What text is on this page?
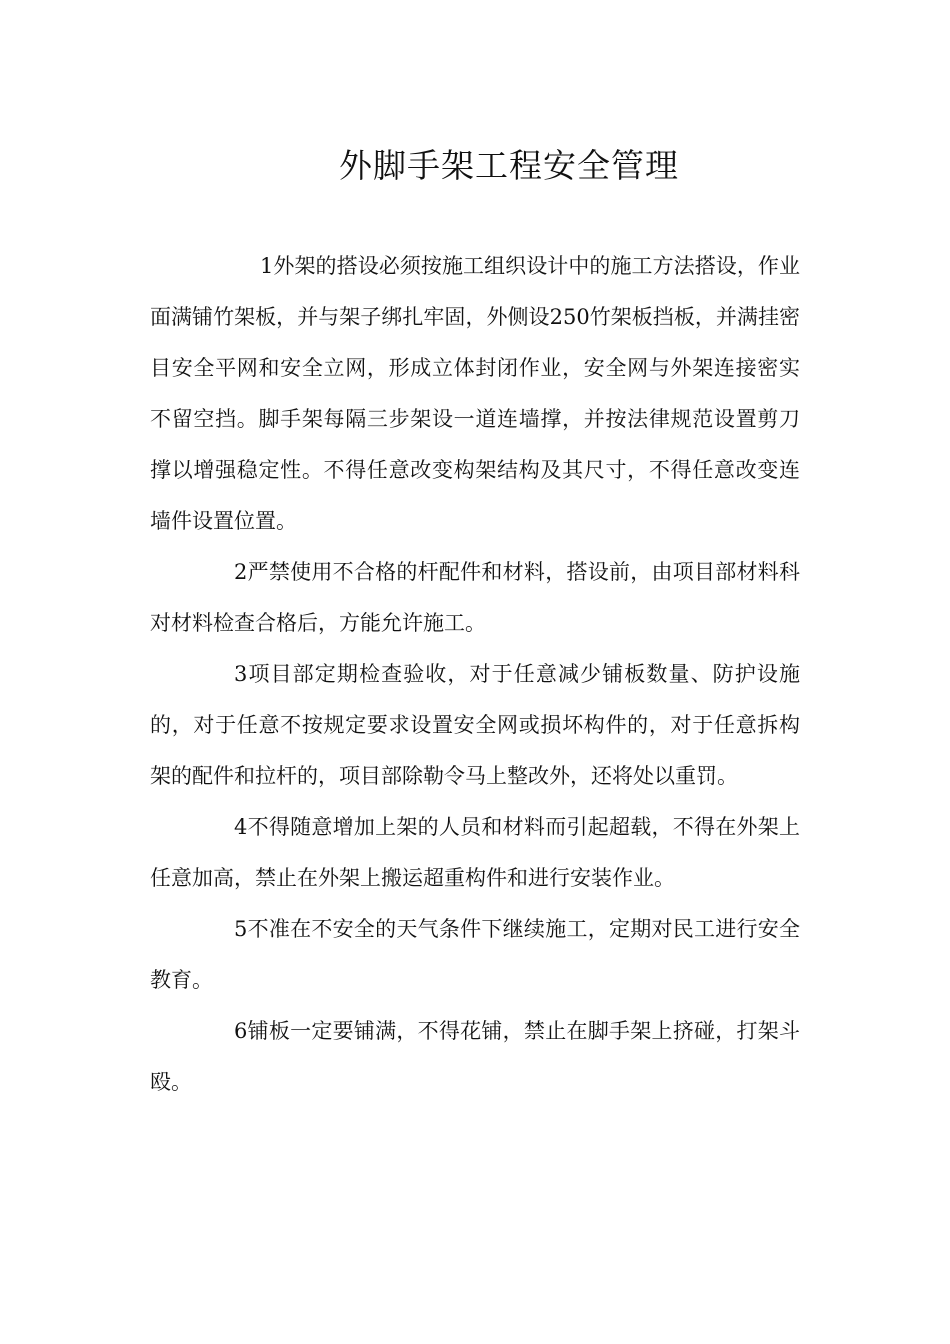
外脚手架工程安全管理

1外架的搭设必须按施工组织设计中的施工方法搭设，作业面满铺竹架板，并与架子绑扎牢固，外侧设250竹架板挡板，并满挂密目安全平网和安全立网，形成立体封闭作业，安全网与外架连接密实不留空挡。脚手架每隔三步架设一道连墙撑，并按法律规范设置剪刀撑以增强稳定性。不得任意改变构架结构及其尺寸，不得任意改变连墙件设置位置。

2严禁使用不合格的杆配件和材料，搭设前，由项目部材料科对材料检查合格后，方能允许施工。

3项目部定期检查验收，对于任意减少铺板数量、防护设施的，对于任意不按规定要求设置安全网或损坏构件的，对于任意拆构架的配件和拉杆的，项目部除勒令马上整改外，还将处以重罚。

4不得随意增加上架的人员和材料而引起超载，不得在外架上任意加高，禁止在外架上搬运超重构件和进行安装作业。

5不准在不安全的天气条件下继续施工，定期对民工进行安全教育。

6铺板一定要铺满，不得花铺，禁止在脚手架上挤碰，打架斗殴。
